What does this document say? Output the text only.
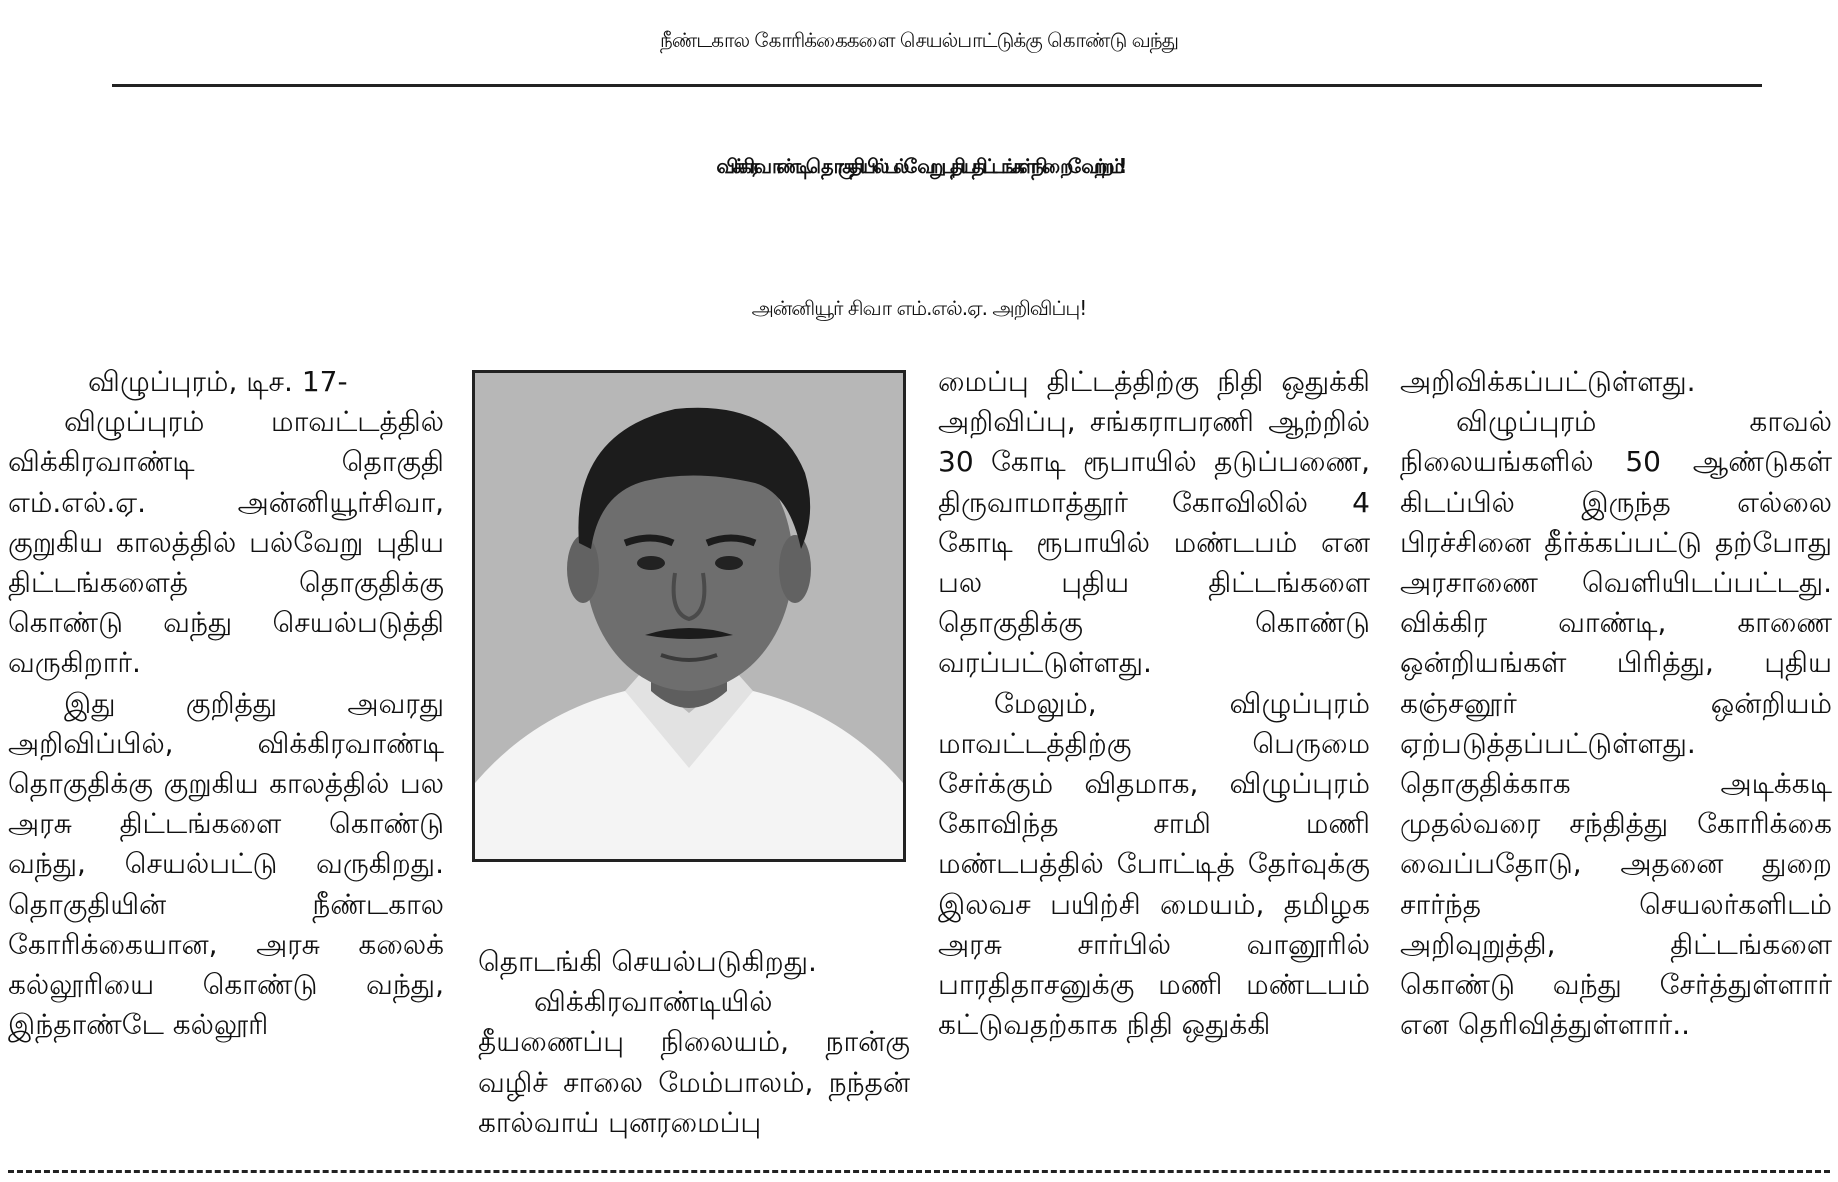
நீண்டகால கோரிக்கைகளை செயல்பாட்டுக்கு கொண்டு வந்து
விக்கிரவாண்டி தொகுதியில் பல்வேறு புதிய திட்டங்கள் நிறைவேற்றம்!
அன்னியூர் சிவா எம்.எல்.ஏ. அறிவிப்பு!

விழுப்புரம், டிச. 17-

விழுப்புரம் மாவட்டத்தில் விக்கிரவாண்டி தொகுதி எம்.எல்.ஏ. அன்னியூர்சிவா, குறுகிய காலத்தில் பல்வேறு புதிய திட்டங்களைத் தொகுதிக்கு கொண்டு வந்து செயல்படுத்தி வருகிறார்.

இது குறித்து அவரது அறிவிப்பில், விக்கிரவாண்டி தொகுதிக்கு குறுகிய காலத்தில் பல அரசு திட்டங்களை கொண்டு வந்து, செயல்பட்டு வருகிறது. தொகுதியின் நீண்டகால கோரிக்கையான, அரசு கலைக் கல்லூரியை கொண்டு வந்து, இந்தாண்டே கல்லூரி

தொடங்கி செயல்படுகிறது.

விக்கிரவாண்டியில் தீயணைப்பு நிலையம், நான்கு வழிச் சாலை மேம்பாலம், நந்தன் கால்வாய் புனரமைப்பு

மைப்பு திட்டத்திற்கு நிதி ஒதுக்கி அறிவிப்பு, சங்கராபரணி ஆற்றில் 30 கோடி ரூபாயில் தடுப்பணை, திருவாமாத்தூர் கோவிலில் 4 கோடி ரூபாயில் மண்டபம் என பல புதிய திட்டங்களை தொகுதிக்கு கொண்டு வரப்பட்டுள்ளது.

மேலும், விழுப்புரம் மாவட்டத்திற்கு பெருமை சேர்க்கும் விதமாக, விழுப்புரம் கோவிந்த சாமி மணி மண்டபத்தில் போட்டித் தேர்வுக்கு இலவச பயிற்சி மையம், தமிழக அரசு சார்பில் வானூரில் பாரதிதாசனுக்கு மணி மண்டபம் கட்டுவதற்காக நிதி ஒதுக்கி

அறிவிக்கப்பட்டுள்ளது.

விழுப்புரம் காவல் நிலையங்களில் 50 ஆண்டுகள் கிடப்பில் இருந்த எல்லை பிரச்சினை தீர்க்கப்பட்டு தற்போது அரசாணை வெளியிடப்பட்டது. விக்கிர வாண்டி, காணை ஒன்றியங்கள் பிரித்து, புதிய கஞ்சனூர் ஒன்றியம் ஏற்படுத்தப்பட்டுள்ளது. தொகுதிக்காக அடிக்கடி முதல்வரை சந்தித்து கோரிக்கை வைப்பதோடு, அதனை துறை சார்ந்த செயலர்களிடம் அறிவுறுத்தி, திட்டங்களை கொண்டு வந்து சேர்த்துள்ளார் என தெரிவித்துள்ளார்..
